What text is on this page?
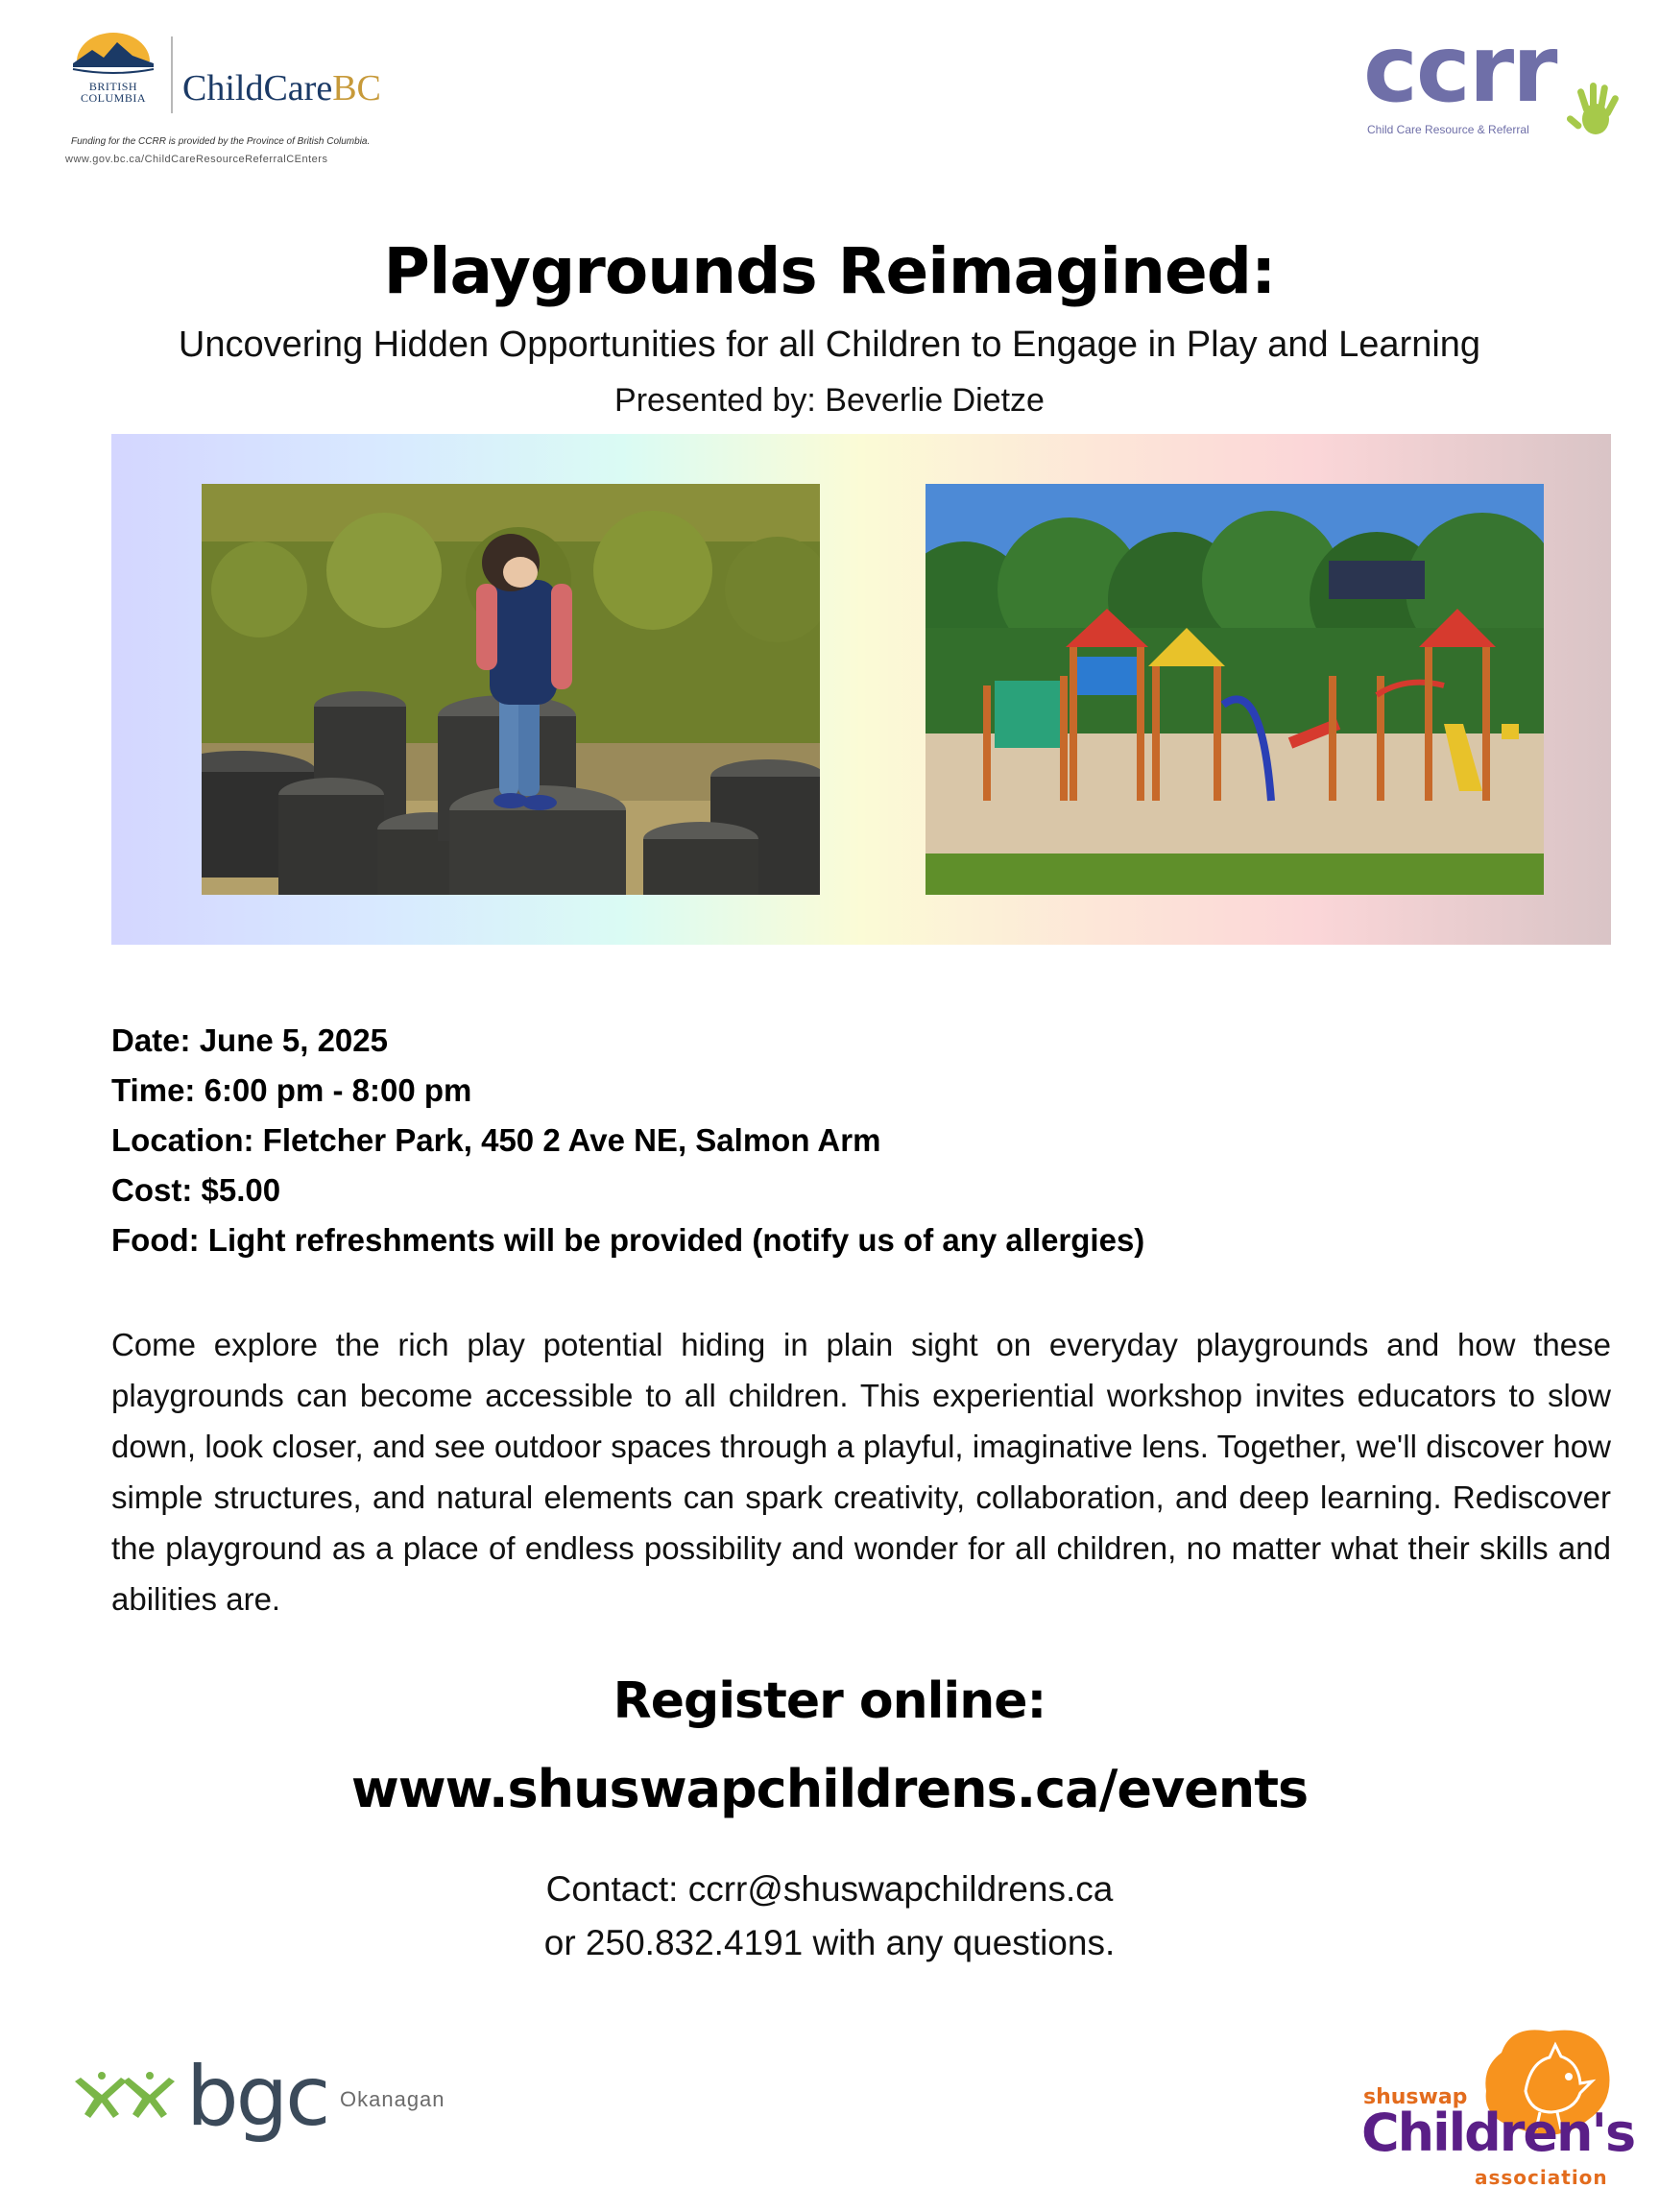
BRITISH COLUMBIA	ChildCareBC
Funding for the CCRR is provided by the Province of British Columbia.
www.gov.bc.ca/ChildCareResourceReferralCEnters
ccrr
Child Care Resource & Referral
Playgrounds Reimagined:
Uncovering Hidden Opportunities for all Children to Engage in Play and Learning
Presented by: Beverlie Dietze
Date: June 5, 2025
Time: 6:00 pm - 8:00 pm
Location: Fletcher Park, 450 2 Ave NE, Salmon Arm
Cost: $5.00
Food: Light refreshments will be provided (notify us of any allergies)
Come explore the rich play potential hiding in plain sight on everyday playgrounds and how these playgrounds can become accessible to all children. This experiential workshop invites educators to slow down, look closer, and see outdoor spaces through a playful, imaginative lens. Together, we'll discover how simple structures, and natural elements can spark creativity, collaboration, and deep learning. Rediscover the playground as a place of endless possibility and wonder for all children, no matter what their skills and abilities are.
Register online:
www.shuswapchildrens.ca/events
Contact: ccrr@shuswapchildrens.ca
or 250.832.4191 with any questions.
bgc Okanagan	shuswap
Children's
association
